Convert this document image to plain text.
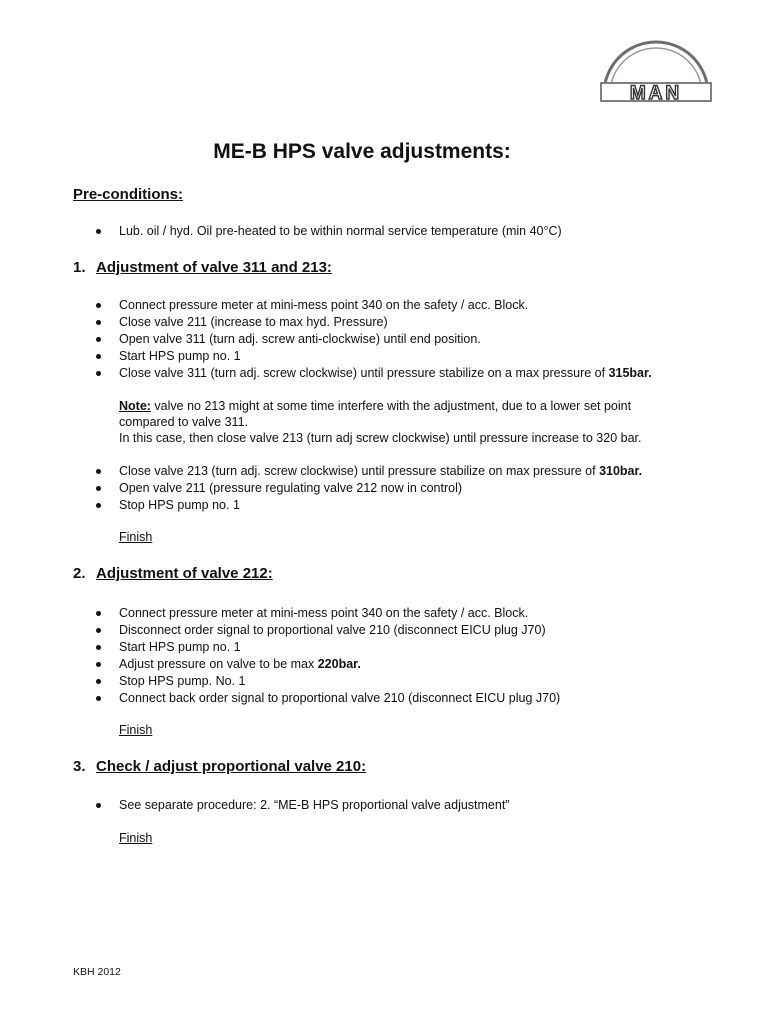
MAN
ME-B HPS valve adjustments:

Pre-conditions:

Lub. oil / hyd. Oil pre-heated to be within normal service temperature (min 40°C)

1. Adjustment of valve 311 and 213:

Connect pressure meter at mini-mess point 340 on the safety / acc. Block.
Close valve 211 (increase to max hyd. Pressure)
Open valve 311 (turn adj. screw anti-clockwise) until end position.
Start HPS pump no. 1
Close valve 311 (turn adj. screw clockwise) until pressure stabilize on a max pressure of 315bar.
Note: valve no 213 might at some time interfere with the adjustment, due to a lower set point
compared to valve 311.
In this case, then close valve 213 (turn adj screw clockwise) until pressure increase to 320 bar.
Close valve 213 (turn adj. screw clockwise) until pressure stabilize on max pressure of 310bar.
Open valve 211 (pressure regulating valve 212 now in control)
Stop HPS pump no. 1

Finish

2. Adjustment of valve 212:

Connect pressure meter at mini-mess point 340 on the safety / acc. Block.
Disconnect order signal to proportional valve 210 (disconnect EICU plug J70)
Start HPS pump no. 1
Adjust pressure on valve to be max 220bar.
Stop HPS pump. No. 1
Connect back order signal to proportional valve 210 (disconnect EICU plug J70)

Finish

3. Check / adjust proportional valve 210:

See separate procedure: 2. “ME-B HPS proportional valve adjustment”

Finish

KBH 2012
